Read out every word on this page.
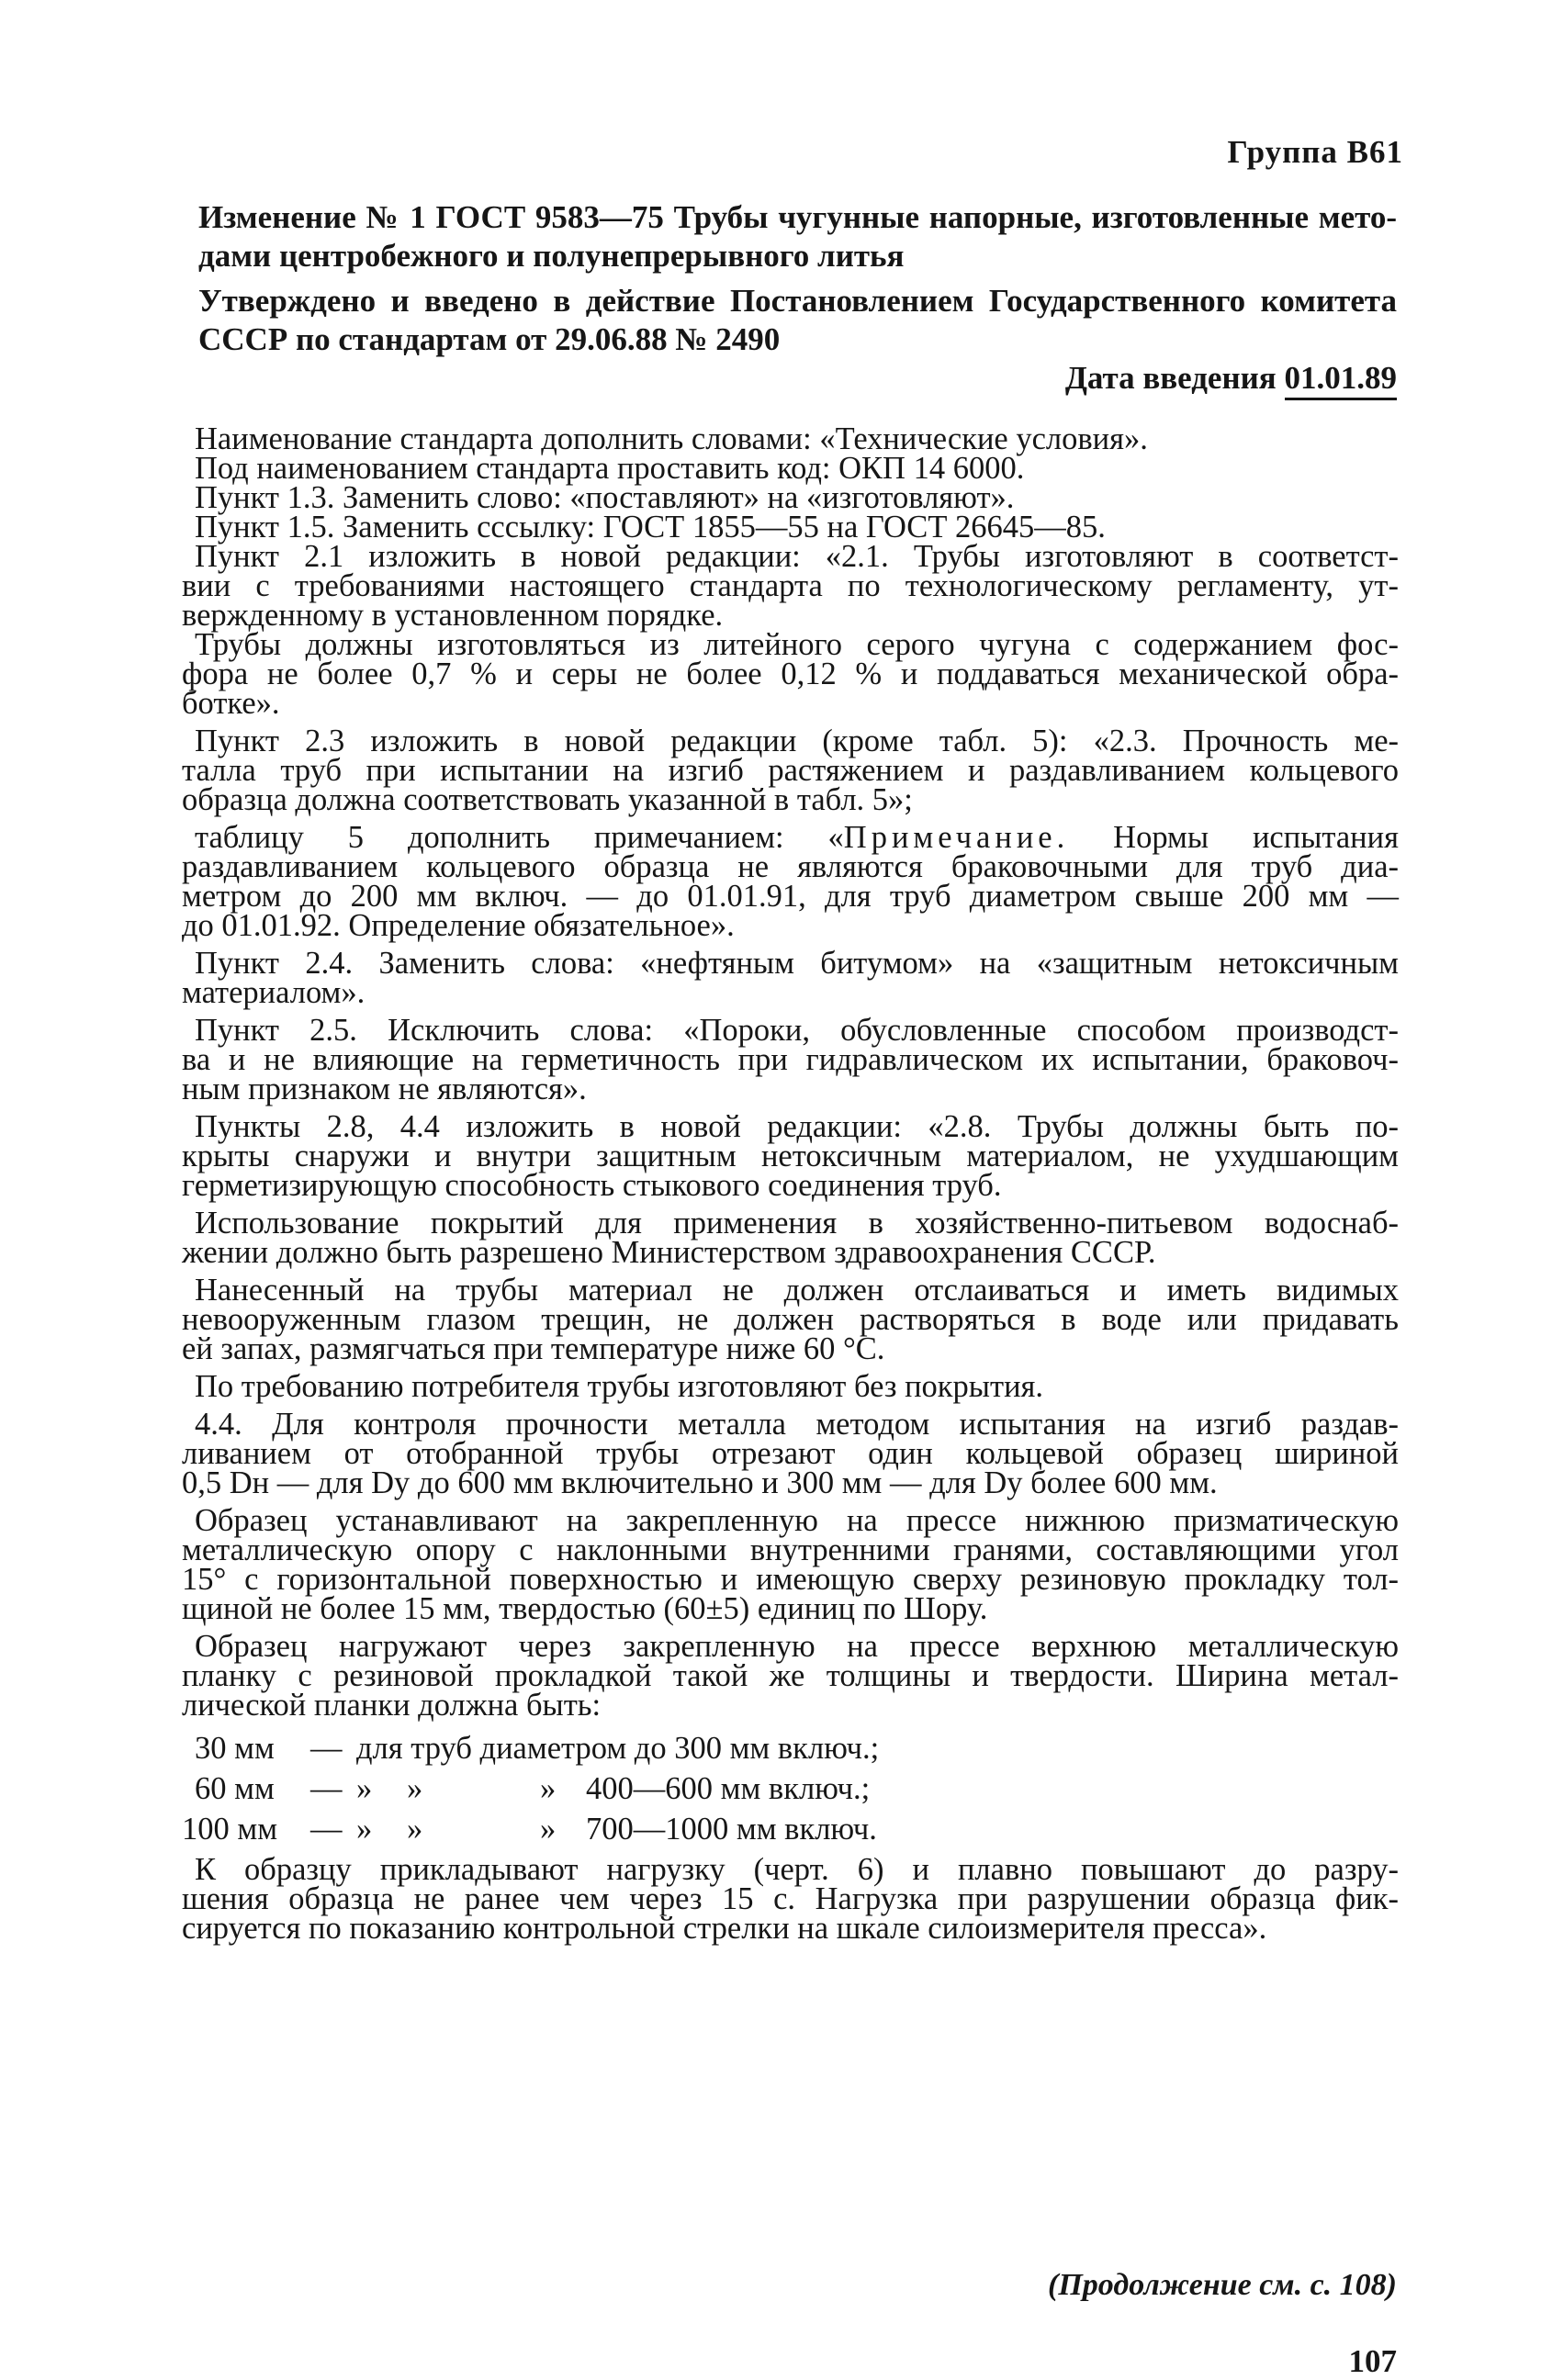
Группа В61
Изменение № 1 ГОСТ 9583—75 Трубы чугунные напорные, изготовленные мето-
дами центробежного и полунепрерывного литья
Утверждено и введено в действие Постановлением Государственного комитета
СССР по стандартам от 29.06.88 № 2490
Дата введения 01.01.89
Наименование стандарта дополнить словами: «Технические условия».
Под наименованием стандарта проставить код: ОКП 14 6000.
Пункт 1.3. Заменить слово: «поставляют» на «изготовляют».
Пункт 1.5. Заменить сссылку: ГОСТ 1855—55 на ГОСТ 26645—85.
Пункт 2.1 изложить в новой редакции: «2.1. Трубы изготовляют в соответст-
вии с требованиями настоящего стандарта по технологическому регламенту, ут-
вержденному в установленном порядке.
Трубы должны изготовляться из литейного серого чугуна с содержанием фос-
фора не более 0,7 % и серы не более 0,12 % и поддаваться механической обра-
ботке».
Пункт 2.3 изложить в новой редакции (кроме табл. 5): «2.3. Прочность ме-
талла труб при испытании на изгиб растяжением и раздавливанием кольцевого
образца должна соответствовать указанной в табл. 5»;
таблицу 5 дополнить примечанием: «Примечание. Нормы испытания
раздавливанием кольцевого образца не являются браковочными для труб диа-
метром до 200 мм включ. — до 01.01.91, для труб диаметром свыше 200 мм —
до 01.01.92. Определение обязательное».
Пункт 2.4. Заменить слова: «нефтяным битумом» на «защитным нетоксичным
материалом».
Пункт 2.5. Исключить слова: «Пороки, обусловленные способом производст-
ва и не влияющие на герметичность при гидравлическом их испытании, браковоч-
ным признаком не являются».
Пункты 2.8, 4.4 изложить в новой редакции: «2.8. Трубы должны быть по-
крыты снаружи и внутри защитным нетоксичным материалом, не ухудшающим
герметизирующую способность стыкового соединения труб.
Использование покрытий для применения в хозяйственно-питьевом водоснаб-
жении должно быть разрешено Министерством здравоохранения СССР.
Нанесенный на трубы материал не должен отслаиваться и иметь видимых
невооруженным глазом трещин, не должен растворяться в воде или придавать
ей запах, размягчаться при температуре ниже 60 °С.
По требованию потребителя трубы изготовляют без покрытия.
4.4. Для контроля прочности металла методом испытания на изгиб раздав-
ливанием от отобранной трубы отрезают один кольцевой образец шириной
0,5 Dн — для Dу до 600 мм включительно и 300 мм — для Dу более 600 мм.
Образец устанавливают на закрепленную на прессе нижнюю призматическую
металлическую опору с наклонными внутренними гранями, составляющими угол
15° с горизонтальной поверхностью и имеющую сверху резиновую прокладку тол-
щиной не более 15 мм, твердостью (60±5) единиц по Шору.
Образец нагружают через закрепленную на прессе верхнюю металлическую
планку с резиновой прокладкой такой же толщины и твердости. Ширина метал-
лической планки должна быть:
30 мм	— для труб диаметром до 300 мм включ.;
60 мм	— »	»	» 400—600 мм включ.;
100 мм	— »	»	» 700—1000 мм включ.
К образцу прикладывают нагрузку (черт. 6) и плавно повышают до разру-
шения образца не ранее чем через 15 с. Нагрузка при разрушении образца фик-
сируется по показанию контрольной стрелки на шкале силоизмерителя пресса».
(Продолжение см. с. 108)
107
